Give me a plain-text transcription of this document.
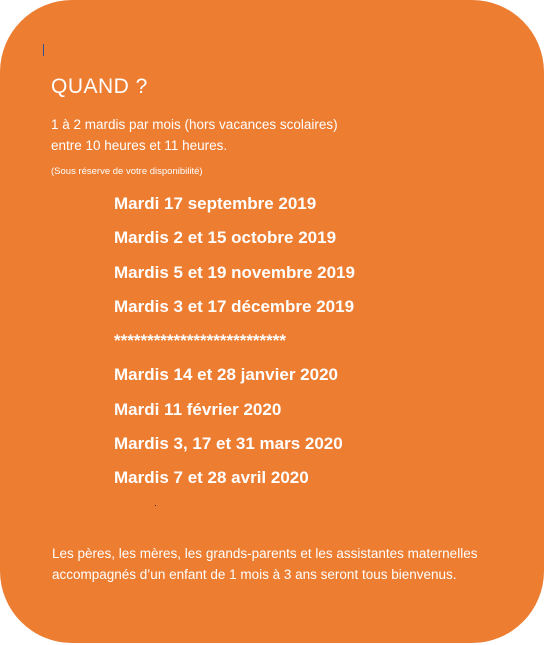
QUAND ?
1 à 2 mardis par mois (hors vacances scolaires)
entre 10 heures et 11 heures.
(Sous réserve de votre disponibilité)
Mardi 17 septembre 2019
Mardis 2 et 15 octobre 2019
Mardis 5 et 19 novembre 2019
Mardis 3 et 17 décembre 2019
**************************
Mardis 14 et 28 janvier 2020
Mardi 11 février 2020
Mardis 3, 17 et 31 mars 2020
Mardis 7 et 28 avril 2020
Les pères, les mères, les grands-parents et les assistantes maternelles
accompagnés d’un enfant de 1 mois à 3 ans seront tous bienvenus.
